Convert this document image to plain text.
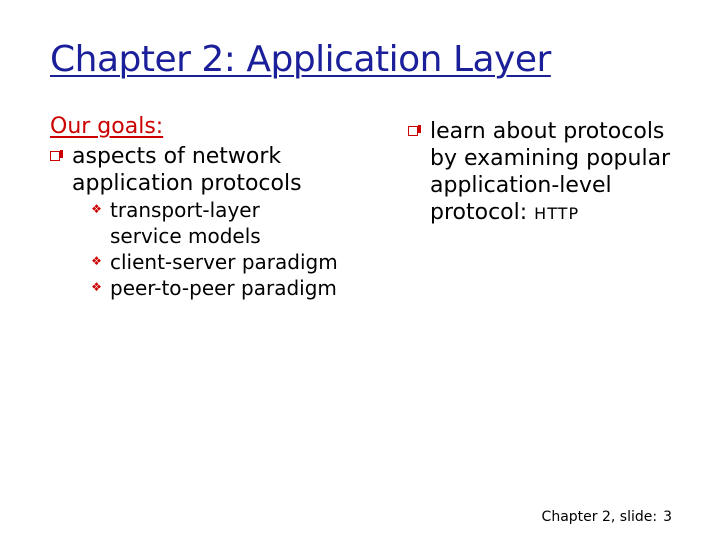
Chapter 2: Application Layer
Our goals:
aspects of network
application protocols
❖ transport-layer
service models
❖ client-server paradigm
❖ peer-to-peer paradigm
learn about protocols
by examining popular
application-level
protocol: HTTP
Chapter 2, slide: 3
